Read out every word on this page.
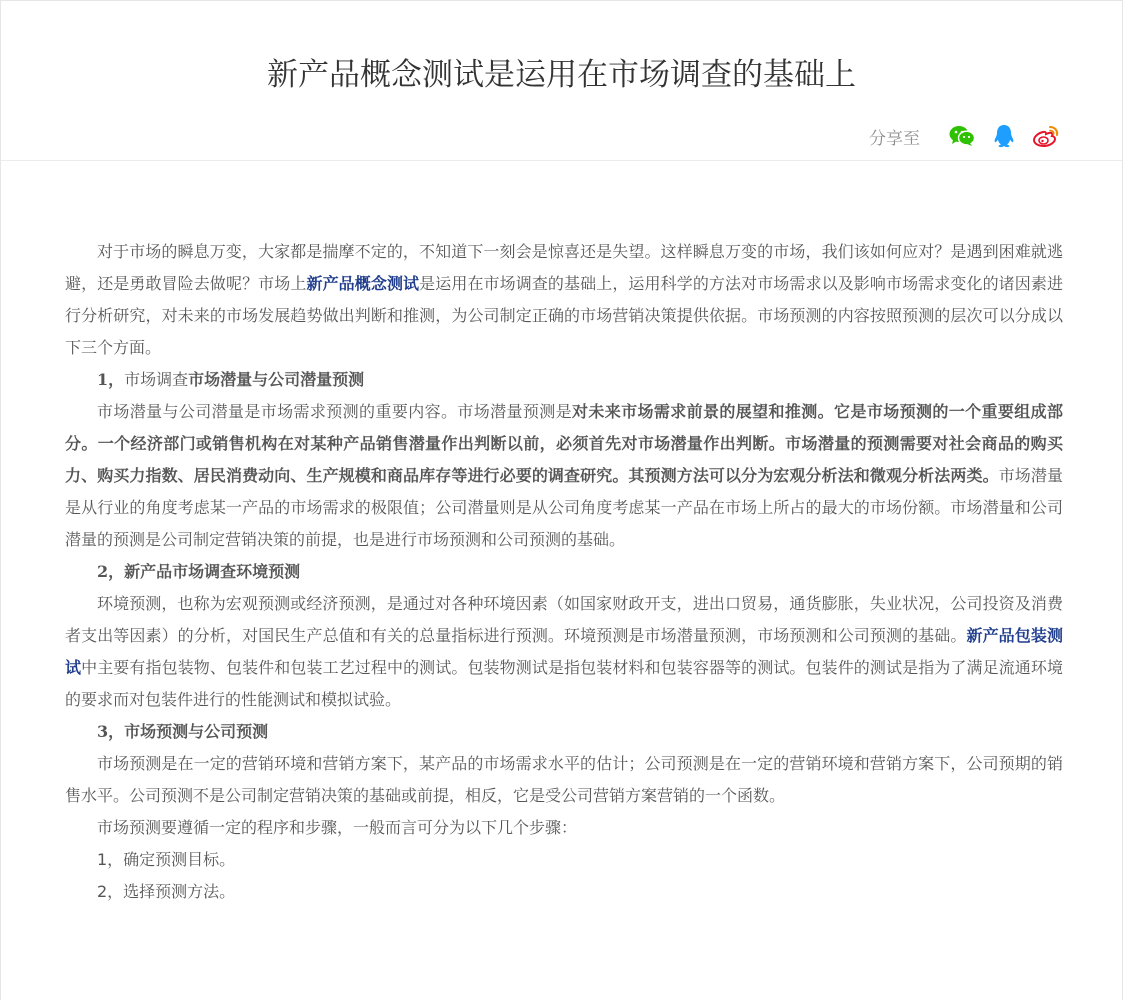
新产品概念测试是运用在市场调查的基础上
分享至

对于市场的瞬息万变，大家都是揣摩不定的，不知道下一刻会是惊喜还是失望。这样瞬息万变的市场，我们该如何应对？是遇到困难就逃避，还是勇敢冒险去做呢？市场上新产品概念测试是运用在市场调查的基础上，运用科学的方法对市场需求以及影响市场需求变化的诸因素进行分析研究，对未来的市场发展趋势做出判断和推测，为公司制定正确的市场营销决策提供依据。市场预测的内容按照预测的层次可以分成以下三个方面。

1，市场调查市场潜量与公司潜量预测

市场潜量与公司潜量是市场需求预测的重要内容。市场潜量预测是对未来市场需求前景的展望和推测。它是市场预测的一个重要组成部分。一个经济部门或销售机构在对某种产品销售潜量作出判断以前，必须首先对市场潜量作出判断。市场潜量的预测需要对社会商品的购买力、购买力指数、居民消费动向、生产规模和商品库存等进行必要的调查研究。其预测方法可以分为宏观分析法和微观分析法两类。市场潜量是从行业的角度考虑某一产品的市场需求的极限值；公司潜量则是从公司角度考虑某一产品在市场上所占的最大的市场份额。市场潜量和公司潜量的预测是公司制定营销决策的前提，也是进行市场预测和公司预测的基础。

2，新产品市场调查环境预测

环境预测，也称为宏观预测或经济预测，是通过对各种环境因素（如国家财政开支，进出口贸易，通货膨胀，失业状况，公司投资及消费者支出等因素）的分析，对国民生产总值和有关的总量指标进行预测。环境预测是市场潜量预测，市场预测和公司预测的基础。新产品包装测试中主要有指包装物、包装件和包装工艺过程中的测试。包装物测试是指包装材料和包装容器等的测试。包装件的测试是指为了满足流通环境的要求而对包装件进行的性能测试和模拟试验。

3，市场预测与公司预测

市场预测是在一定的营销环境和营销方案下，某产品的市场需求水平的估计；公司预测是在一定的营销环境和营销方案下，公司预期的销售水平。公司预测不是公司制定营销决策的基础或前提，相反，它是受公司营销方案营销的一个函数。

市场预测要遵循一定的程序和步骤，一般而言可分为以下几个步骤：

1，确定预测目标。

2，选择预测方法。
